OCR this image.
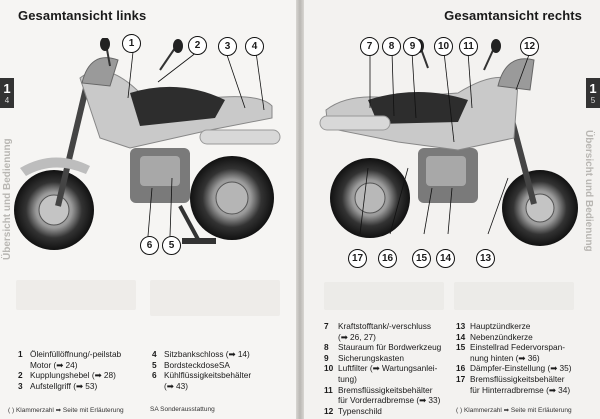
Gesamtansicht links
1
4
Übersicht und Bedienung
1	2	3	4
6	5
1 Öleinfüllöffnung/-peilstab
Motor (➡ 24)
2 Kupplungshebel (➡ 28)
3 Aufstellgriff (➡ 53)
4 Sitzbankschloss (➡ 14)
5 BordsteckdoseSA
6 Kühlflüssigkeitsbehälter
(➡ 43)
( ) Klammerzahl ➡ Seite mit Erläuterung	SA Sonderausstattung
Gesamtansicht rechts
1
5
Übersicht und Bedienung
7	8	9	10	11	12
17	16	15	14	13
7	Kraftstofftank/-verschluss
(➡ 26, 27)
8	Stauraum für Bordwerkzeug
9	Sicherungskasten
10 Luftfilter (➡ Wartungsanlei-
tung)
11 Bremsflüssigkeitsbehälter
für Vorderradbremse (➡ 33)
12 Typenschild
13 Hauptzündkerze
14 Nebenzündkerze
15 Einstellrad Federvorspan-
nung hinten (➡ 36)
16 Dämpfer-Einstellung (➡ 35)
17 Bremsflüssigkeitsbehälter
für Hinterradbremse (➡ 34)
( ) Klammerzahl ➡ Seite mit Erläuterung
